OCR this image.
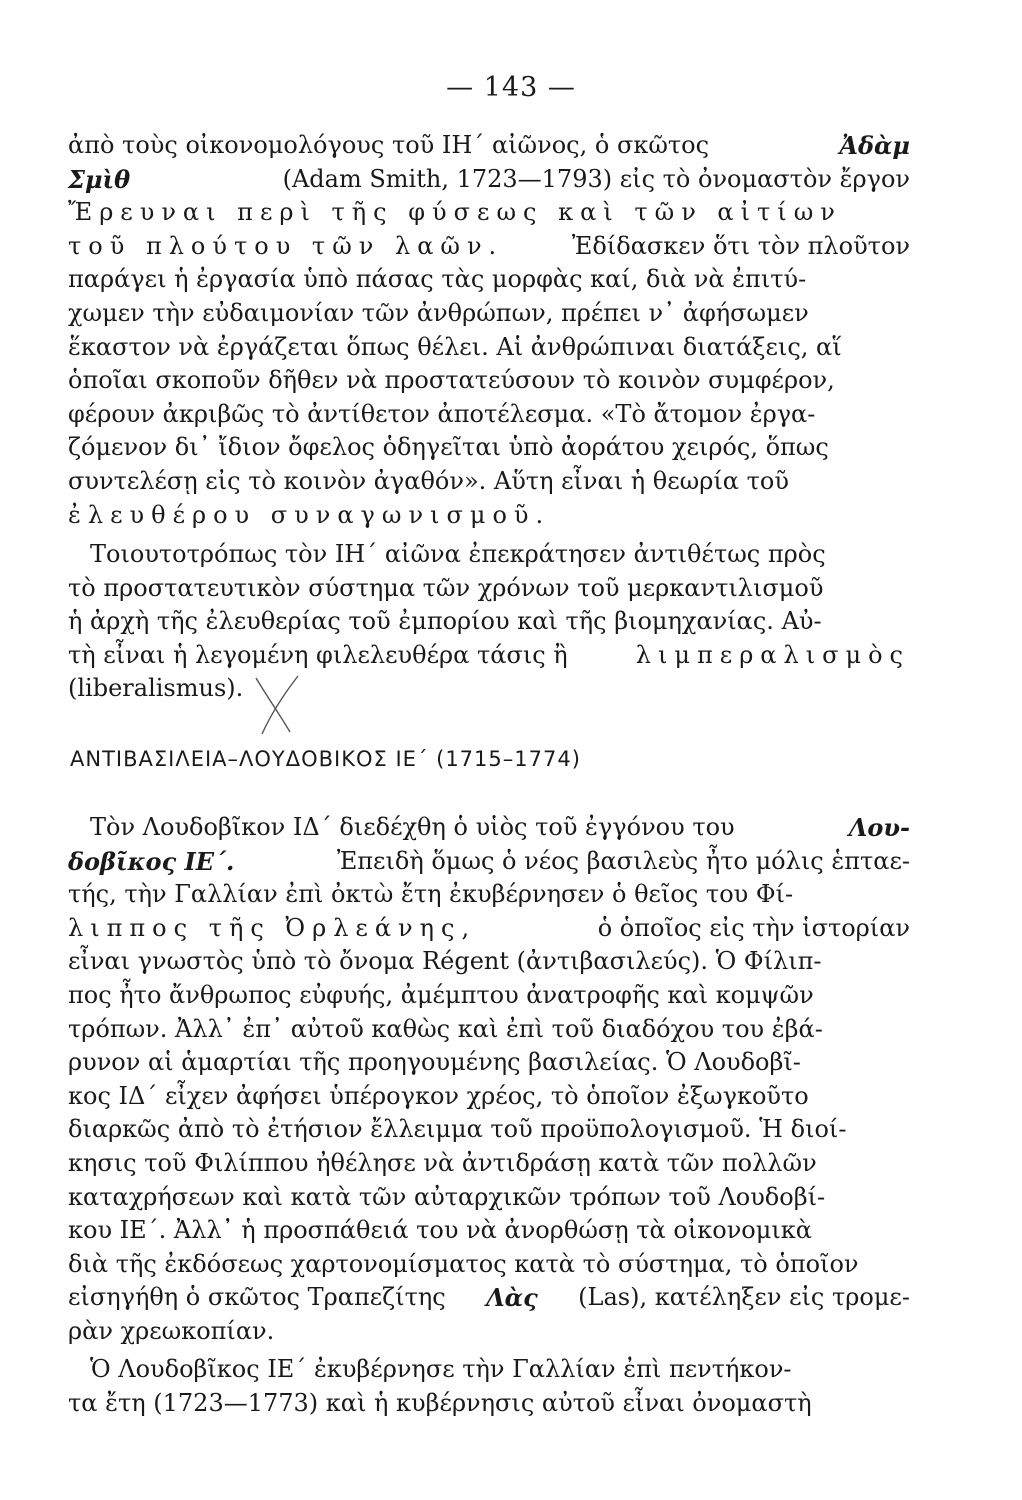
— 143 —
ἀπὸ τοὺς οἰκονομολόγους τοῦ ΙΗ΄ αἰῶνος, ὁ σκῶτος	Ἀδὰμ
Σμὶθ	(Adam Smith, 1723—1793) εἰς τὸ ὀνομαστὸν ἔργον
Ἔρευναι περὶ τῆς φύσεως καὶ τῶν αἰτίων
τοῦ πλούτου τῶν λαῶν.	Ἐδίδασκεν ὅτι τὸν πλοῦτον
παράγει ἡ ἐργασία ὑπὸ πάσας τὰς μορφὰς καί, διὰ νὰ ἐπιτύ-
χωμεν τὴν εὐδαιμονίαν τῶν ἀνθρώπων, πρέπει ν᾽ ἀφήσωμεν
ἕκαστον νὰ ἐργάζεται ὅπως θέλει. Αἱ ἀνθρώπιναι διατάξεις, αἵ
ὁποῖαι σκοποῦν δῆθεν νὰ προστατεύσουν τὸ κοινὸν συμφέρον,
φέρουν ἀκριβῶς τὸ ἀντίθετον ἀποτέλεσμα. «Τὸ ἄτομον ἐργα-
ζόμενον δι᾽ ἴδιον ὄφελος ὁδηγεῖται ὑπὸ ἀοράτου χειρός, ὅπως
συντελέσῃ εἰς τὸ κοινὸν ἀγαθόν». Αὕτη εἶναι ἡ θεωρία τοῦ
ἐλευθέρου συναγωνισμοῦ.
Τοιουτοτρόπως τὸν ΙΗ΄ αἰῶνα ἐπεκράτησεν ἀντιθέτως πρὸς
τὸ προστατευτικὸν σύστημα τῶν χρόνων τοῦ μερκαντιλισμοῦ
ἡ ἀρχὴ τῆς ἐλευθερίας τοῦ ἐμπορίου καὶ τῆς βιομηχανίας. Αὐ-
τὴ εἶναι ἡ λεγομένη φιλελευθέρα τάσις ἢ	λιμπεραλισμὸς
(liberalismus).
ΑΝΤΙΒΑΣΙΛΕΙΑ–ΛΟΥΔΟΒΙΚΟΣ ΙΕ΄ (1715–1774)
Τὸν Λουδοβῖκον ΙΔ΄ διεδέχθη ὁ υἱὸς τοῦ ἐγγόνου του	Λου-
δοβῖκος ΙΕ΄.	Ἐπειδὴ ὅμως ὁ νέος βασιλεὺς ἦτο μόλις ἑπταε-
τής, τὴν Γαλλίαν ἐπὶ ὀκτὼ ἔτη ἐκυβέρνησεν ὁ θεῖος του Φί-
λιππος τῆς Ὀρλεάνης,	ὁ ὁποῖος εἰς τὴν ἱστορίαν
εἶναι γνωστὸς ὑπὸ τὸ ὄνομα Régent (ἀντιβασιλεύς). Ὁ Φίλιπ-
πος ἦτο ἄνθρωπος εὐφυής, ἀμέμπτου ἀνατροφῆς καὶ κομψῶν
τρόπων. Ἀλλ᾽ ἐπ᾽ αὐτοῦ καθὼς καὶ ἐπὶ τοῦ διαδόχου του ἐβά-
ρυνον αἱ ἁμαρτίαι τῆς προηγουμένης βασιλείας. Ὁ Λουδοβῖ-
κος ΙΔ΄ εἶχεν ἀφήσει ὑπέρογκον χρέος, τὸ ὁποῖον ἐξωγκοῦτο
διαρκῶς ἀπὸ τὸ ἐτήσιον ἔλλειμμα τοῦ προϋπολογισμοῦ. Ἡ διοί-
κησις τοῦ Φιλίππου ἠθέλησε νὰ ἀντιδράσῃ κατὰ τῶν πολλῶν
καταχρήσεων καὶ κατὰ τῶν αὐταρχικῶν τρόπων τοῦ Λουδοβί-
κου ΙΕ΄. Ἀλλ᾽ ἡ προσπάθειά του νὰ ἀνορθώσῃ τὰ οἰκονομικὰ
διὰ τῆς ἐκδόσεως χαρτονομίσματος κατὰ τὸ σύστημα, τὸ ὁποῖον
εἰσηγήθη ὁ σκῶτος Τραπεζίτης Λὰς (Las), κατέληξεν εἰς τρομε-
ρὰν χρεωκοπίαν.
Ὁ Λουδοβῖκος ΙΕ΄ ἐκυβέρνησε τὴν Γαλλίαν ἐπὶ πεντήκον-
τα ἔτη (1723—1773) καὶ ἡ κυβέρνησις αὐτοῦ εἶναι ὀνομαστὴ
